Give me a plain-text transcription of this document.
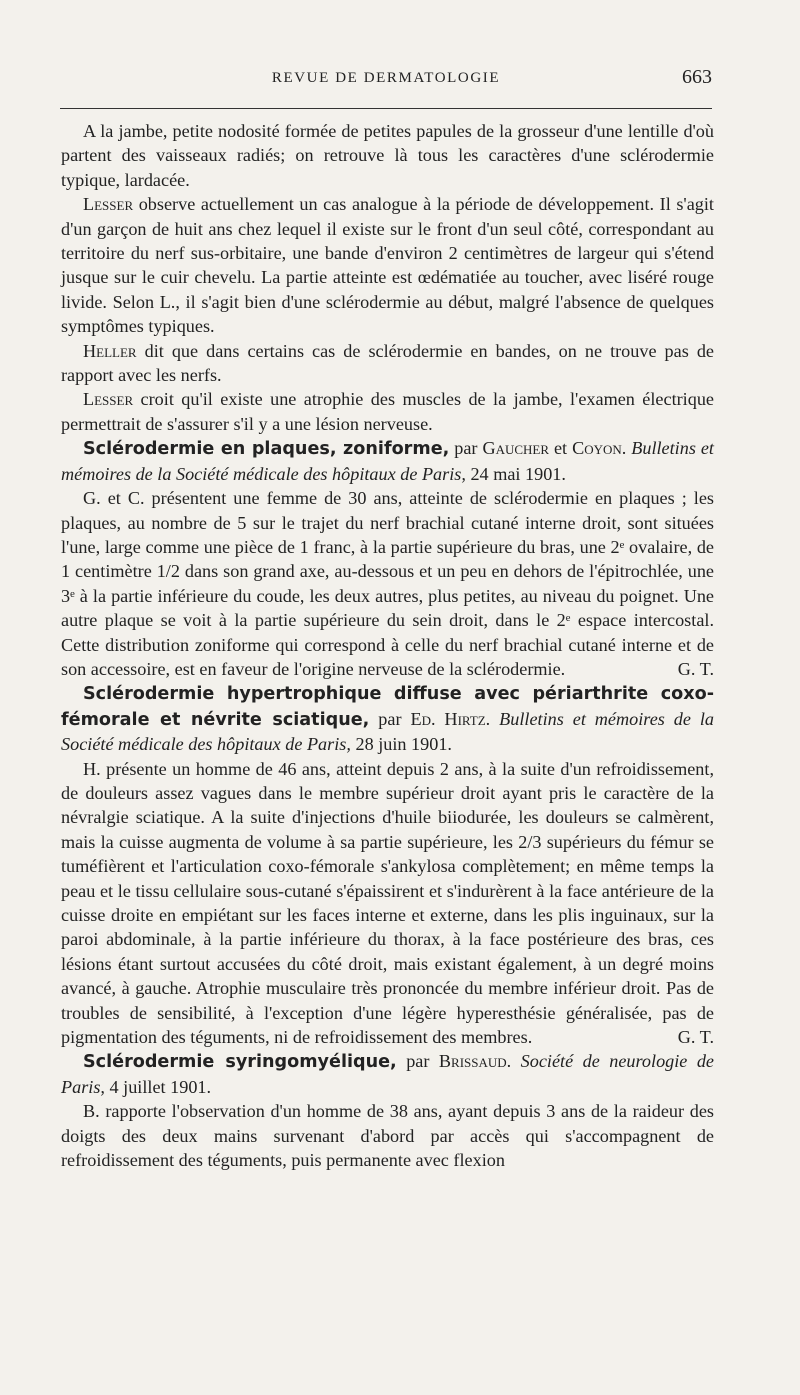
REVUE DE DERMATOLOGIE	663

A la jambe, petite nodosité formée de petites papules de la grosseur d'une lentille d'où partent des vaisseaux radiés; on retrouve là tous les caractères d'une sclérodermie typique, lardacée.

Lesser observe actuellement un cas analogue à la période de développement. Il s'agit d'un garçon de huit ans chez lequel il existe sur le front d'un seul côté, correspondant au territoire du nerf sus-orbitaire, une bande d'environ 2 centimètres de largeur qui s'étend jusque sur le cuir chevelu. La partie atteinte est œdématiée au toucher, avec liséré rouge livide. Selon L., il s'agit bien d'une sclérodermie au début, malgré l'absence de quelques symptômes typiques.

Heller dit que dans certains cas de sclérodermie en bandes, on ne trouve pas de rapport avec les nerfs.

Lesser croit qu'il existe une atrophie des muscles de la jambe, l'examen électrique permettrait de s'assurer s'il y a une lésion nerveuse.

Sclérodermie en plaques, zoniforme, par Gaucher et Coyon. Bulletins et mémoires de la Société médicale des hôpitaux de Paris, 24 mai 1901.

G. et C. présentent une femme de 30 ans, atteinte de sclérodermie en plaques ; les plaques, au nombre de 5 sur le trajet du nerf brachial cutané interne droit, sont situées l'une, large comme une pièce de 1 franc, à la partie supérieure du bras, une 2ᵉ ovalaire, de 1 centimètre 1/2 dans son grand axe, au-dessous et un peu en dehors de l'épitrochlée, une 3ᵉ à la partie inférieure du coude, les deux autres, plus petites, au niveau du poignet. Une autre plaque se voit à la partie supérieure du sein droit, dans le 2ᵉ espace intercostal. Cette distribution zoniforme qui correspond à celle du nerf brachial cutané interne et de son accessoire, est en faveur de l'origine nerveuse de la sclérodermie.	G. T.

Sclérodermie hypertrophique diffuse avec périarthrite coxo-fémorale et névrite sciatique, par Ed. Hirtz. Bulletins et mémoires de la Société médicale des hôpitaux de Paris, 28 juin 1901.

H. présente un homme de 46 ans, atteint depuis 2 ans, à la suite d'un refroidissement, de douleurs assez vagues dans le membre supérieur droit ayant pris le caractère de la névralgie sciatique. A la suite d'injections d'huile biiodurée, les douleurs se calmèrent, mais la cuisse augmenta de volume à sa partie supérieure, les 2/3 supérieurs du fémur se tuméfièrent et l'articulation coxo-fémorale s'ankylosa complètement; en même temps la peau et le tissu cellulaire sous-cutané s'épaissirent et s'indurèrent à la face antérieure de la cuisse droite en empiétant sur les faces interne et externe, dans les plis inguinaux, sur la paroi abdominale, à la partie inférieure du thorax, à la face postérieure des bras, ces lésions étant surtout accusées du côté droit, mais existant également, à un degré moins avancé, à gauche. Atrophie musculaire très prononcée du membre inférieur droit. Pas de troubles de sensibilité, à l'exception d'une légère hyperesthésie généralisée, pas de pigmentation des téguments, ni de refroidissement des membres.	G. T.

Sclérodermie syringomyélique, par Brissaud. Société de neurologie de Paris, 4 juillet 1901.

B. rapporte l'observation d'un homme de 38 ans, ayant depuis 3 ans de la raideur des doigts des deux mains survenant d'abord par accès qui s'accompagnent de refroidissement des téguments, puis permanente avec flexion
